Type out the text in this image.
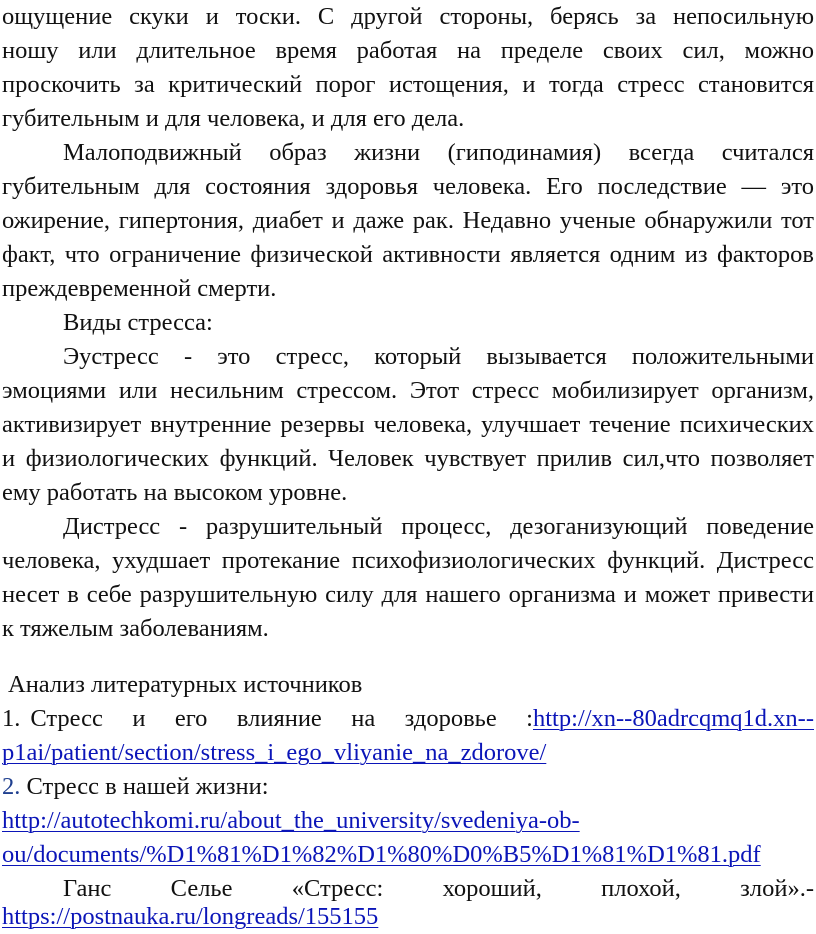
ощущение скуки и тоски. С другой стороны, берясь за непосильную
ношу или длительное время работая на пределе своих сил, можно
проскочить за критический порог истощения, и тогда стресс становится
губительным и для человека, и для его дела.
Малоподвижный образ жизни (гиподинамия) всегда считался
губительным для состояния здоровья человека. Его последствие — это
ожирение, гипертония, диабет и даже рак. Недавно ученые обнаружили тот
факт, что ограничение физической активности является одним из факторов
преждевременной смерти.
Виды стресса:
Эустресс - это стресс, который вызывается положительными
эмоциями или несильним стрессом. Этот стресс мобилизирует организм,
активизирует внутренние резервы человека, улучшает течение психических
и физиологических функций. Человек чувствует прилив сил,что позволяет
ему работать на высоком уровне.
Дистресс - разрушительный процесс, дезоганизующий поведение
человека, ухудшает протекание психофизиологических функций. Дистресс
несет в себе разрушительную силу для нашего организма и может привести
к тяжелым заболеваниям.
Анализ литературных источников
1. Стресс и его влияние на здоровье :http://xn--80adrcqmq1d.xn--
p1ai/patient/section/stress_i_ego_vliyanie_na_zdorove/
2. Стресс в нашей жизни:
http://autotechkomi.ru/about_the_university/svedeniya-ob-
ou/documents/%D1%81%D1%82%D1%80%D0%B5%D1%81%D1%81.pdf
Ганс Селье «Стресс: хороший, плохой, злой».-
https://postnauka.ru/longreads/155155
